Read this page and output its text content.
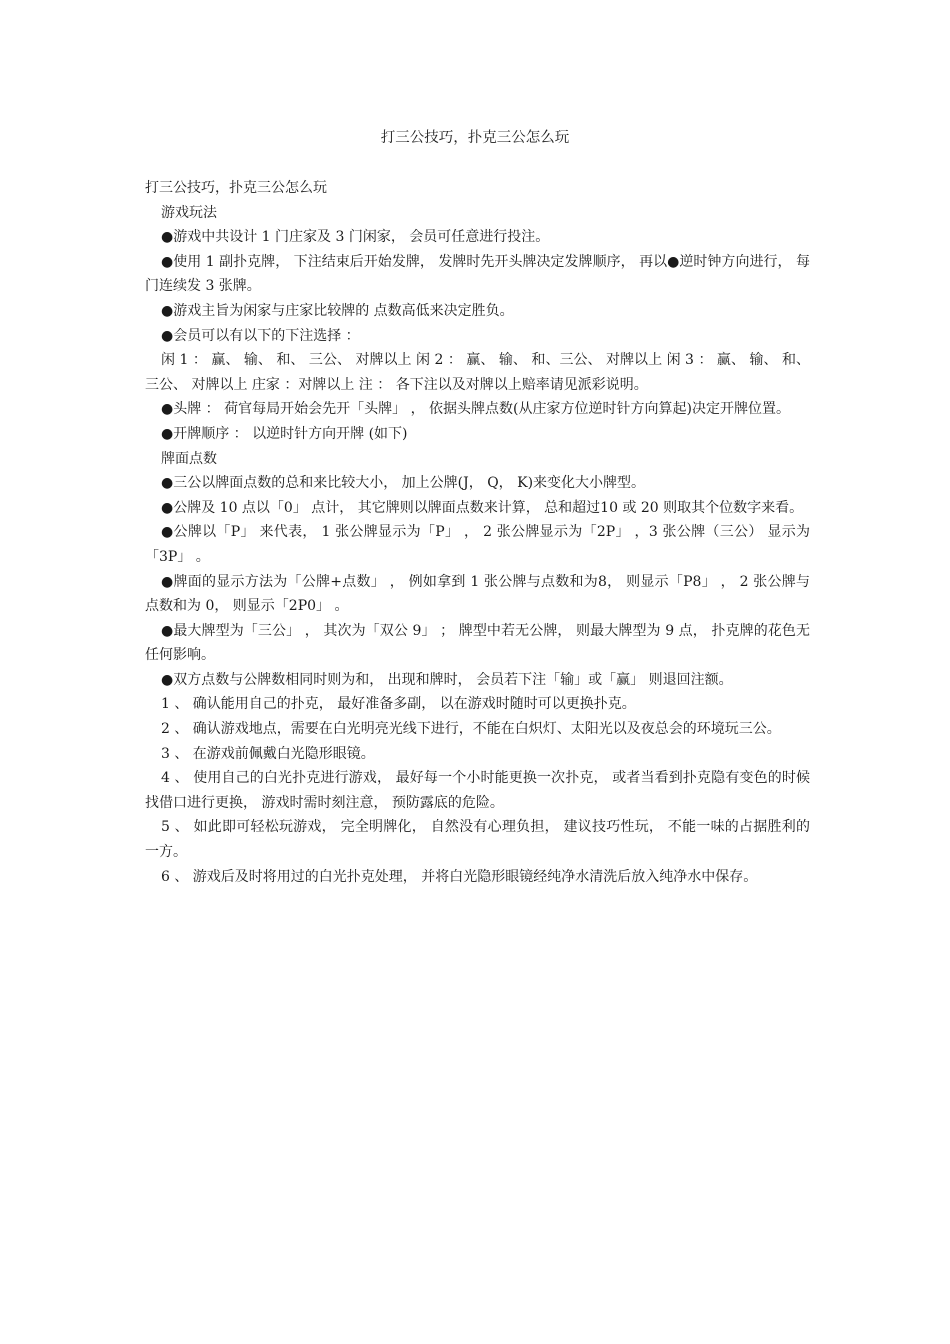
打三公技巧，扑克三公怎么玩

打三公技巧，扑克三公怎么玩

游戏玩法

●游戏中共设计 1 门庄家及 3 门闲家， 会员可任意进行投注。

●使用 1 副扑克牌， 下注结束后开始发牌， 发牌时先开头牌决定发牌顺序， 再以●逆时钟方向进行， 每门连续发 3 张牌。

●游戏主旨为闲家与庄家比较牌的 点数高低来决定胜负。

●会员可以有以下的下注选择 ：

闲 1 ： 赢、 输、 和、 三公、 对牌以上 闲 2 ： 赢、 输、 和、三公、 对牌以上 闲 3 ： 赢、 输、 和、 三公、 对牌以上 庄家 ：对牌以上 注 ： 各下注以及对牌以上赔率请见派彩说明。

●头牌 ： 荷官每局开始会先开「头牌」 ， 依据头牌点数(从庄家方位逆时针方向算起)决定开牌位置。

●开牌顺序 ： 以逆时针方向开牌 (如下)

牌面点数

●三公以牌面点数的总和来比较大小， 加上公牌(J， Q， K)来变化大小牌型。

●公牌及 10 点以「0」 点计， 其它牌则以牌面点数来计算， 总和超过10 或 20 则取其个位数字来看。

●公牌以「P」 来代表， 1 张公牌显示为「P」 ， 2 张公牌显示为「2P」 ，3 张公牌（三公） 显示为「3P」 。

●牌面的显示方法为「公牌+点数」 ， 例如拿到 1 张公牌与点数和为8， 则显示「P8」 ， 2 张公牌与点数和为 0， 则显示「2P0」 。

●最大牌型为「三公」 ， 其次为「双公 9」 ； 牌型中若无公牌， 则最大牌型为 9 点， 扑克牌的花色无任何影响。

●双方点数与公牌数相同时则为和， 出现和牌时， 会员若下注「输」或「赢」 则退回注额。

1 、 确认能用自己的扑克， 最好准备多副， 以在游戏时随时可以更换扑克。

2 、 确认游戏地点，需要在白光明亮光线下进行，不能在白炽灯、太阳光以及夜总会的环境玩三公。

3 、 在游戏前佩戴白光隐形眼镜。

4 、 使用自己的白光扑克进行游戏， 最好每一个小时能更换一次扑克， 或者当看到扑克隐有变色的时候找借口进行更换， 游戏时需时刻注意， 预防露底的危险。

5 、 如此即可轻松玩游戏， 完全明牌化， 自然没有心理负担， 建议技巧性玩， 不能一味的占据胜利的一方。

6 、 游戏后及时将用过的白光扑克处理， 并将白光隐形眼镜经纯净水清洗后放入纯净水中保存。
